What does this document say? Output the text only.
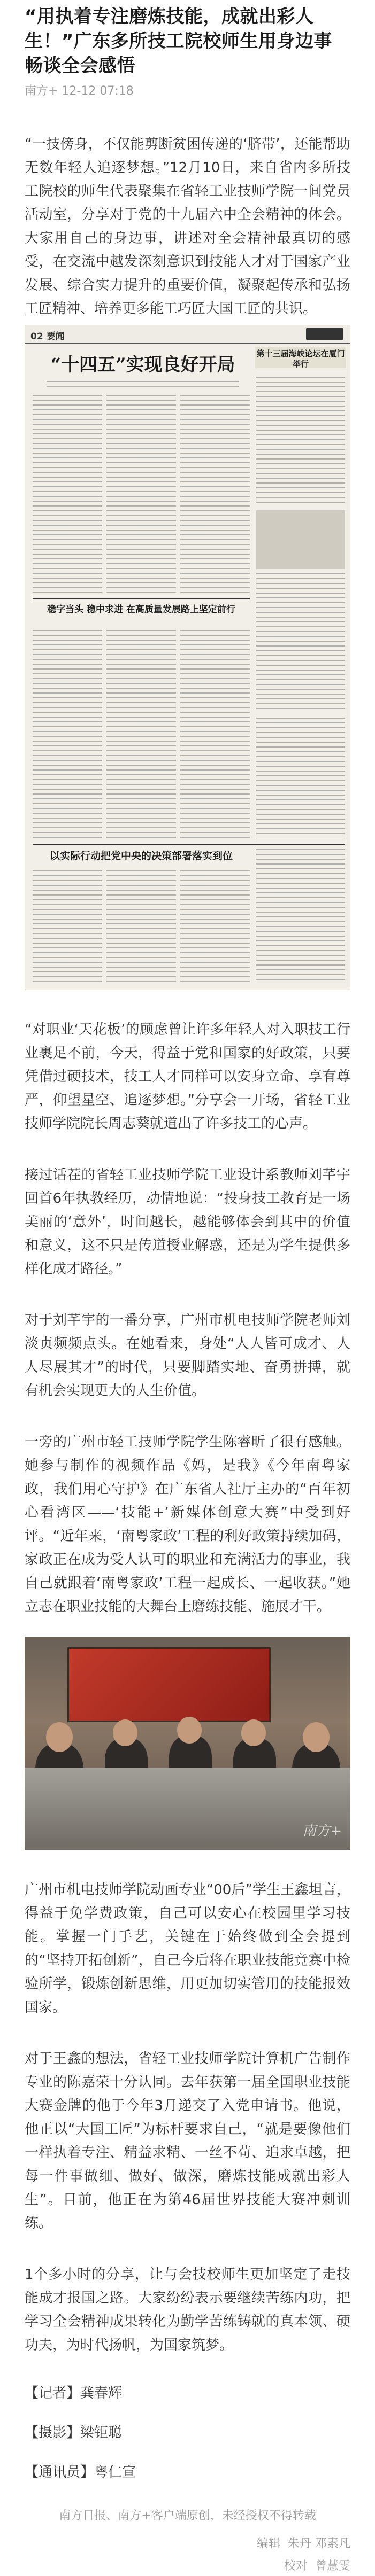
“用执着专注磨炼技能，成就出彩人生！”广东多所技工院校师生用身边事畅谈全会感悟
南方+ 12-12 07:18

“一技傍身，不仅能剪断贫困传递的‘脐带’，还能帮助无数年轻人追逐梦想。”12月10日，来自省内多所技工院校的师生代表聚集在省轻工业技师学院一间党员活动室，分享对于党的十九届六中全会精神的体会。大家用自己的身边事，讲述对全会精神最真切的感受，在交流中越发深刻意识到技能人才对于国家产业发展、综合实力提升的重要价值，凝聚起传承和弘扬工匠精神、培养更多能工巧匠大国工匠的共识。

02 要闻
“十四五”实现良好开局
第十三届海峡论坛在厦门举行
稳字当头 稳中求进 在高质量发展路上坚定前行
以实际行动把党中央的决策部署落实到位

“对职业‘天花板’的顾虑曾让许多年轻人对入职技工行业裹足不前，今天，得益于党和国家的好政策，只要凭借过硬技术，技工人才同样可以安身立命、享有尊严，仰望星空、追逐梦想。”分享会一开场，省轻工业技师学院院长周志葵就道出了许多技工的心声。

接过话茬的省轻工业技师学院工业设计系教师刘芊宇回首6年执教经历，动情地说：“投身技工教育是一场美丽的‘意外’，时间越长，越能够体会到其中的价值和意义，这不只是传道授业解惑，还是为学生提供多样化成才路径。”

对于刘芊宇的一番分享，广州市机电技师学院老师刘淡贞频频点头。在她看来，身处“人人皆可成才、人人尽展其才”的时代，只要脚踏实地、奋勇拼搏，就有机会实现更大的人生价值。

一旁的广州市轻工技师学院学生陈睿昕了很有感触。她参与制作的视频作品《妈，是我》《今年南粤家政，我们用心守护》在广东省人社厅主办的“百年初心看湾区——‘技能+’新媒体创意大赛”中受到好评。“近年来，‘南粤家政’工程的利好政策持续加码，家政正在成为受人认可的职业和充满活力的事业，我自己就跟着‘南粤家政’工程一起成长、一起收获。”她立志在职业技能的大舞台上磨练技能、施展才干。

南方+

广州市机电技师学院动画专业“00后”学生王鑫坦言，得益于免学费政策，自己可以安心在校园里学习技能。掌握一门手艺，关键在于始终做到全会提到的“坚持开拓创新”，自己今后将在职业技能竞赛中检验所学，锻炼创新思维，用更加切实管用的技能报效国家。

对于王鑫的想法，省轻工业技师学院计算机广告制作专业的陈嘉荣十分认同。去年获第一届全国职业技能大赛金牌的他于今年3月递交了入党申请书。他说，他正以“大国工匠”为标杆要求自己，“就是要像他们一样执着专注、精益求精、一丝不苟、追求卓越，把每一件事做细、做好、做深，磨炼技能成就出彩人生”。目前，他正在为第46届世界技能大赛冲刺训练。

1个多小时的分享，让与会技校师生更加坚定了走技能成才报国之路。大家纷纷表示要继续苦练内功，把学习全会精神成果转化为勤学苦练铸就的真本领、硬功夫，为时代扬帆，为国家筑梦。

【记者】龚春辉

【摄影】梁钜聪

【通讯员】粤仁宣

南方日报、南方+客户端原创，未经授权不得转载
编辑 朱丹 邓素凡
校对 曾慧雯
